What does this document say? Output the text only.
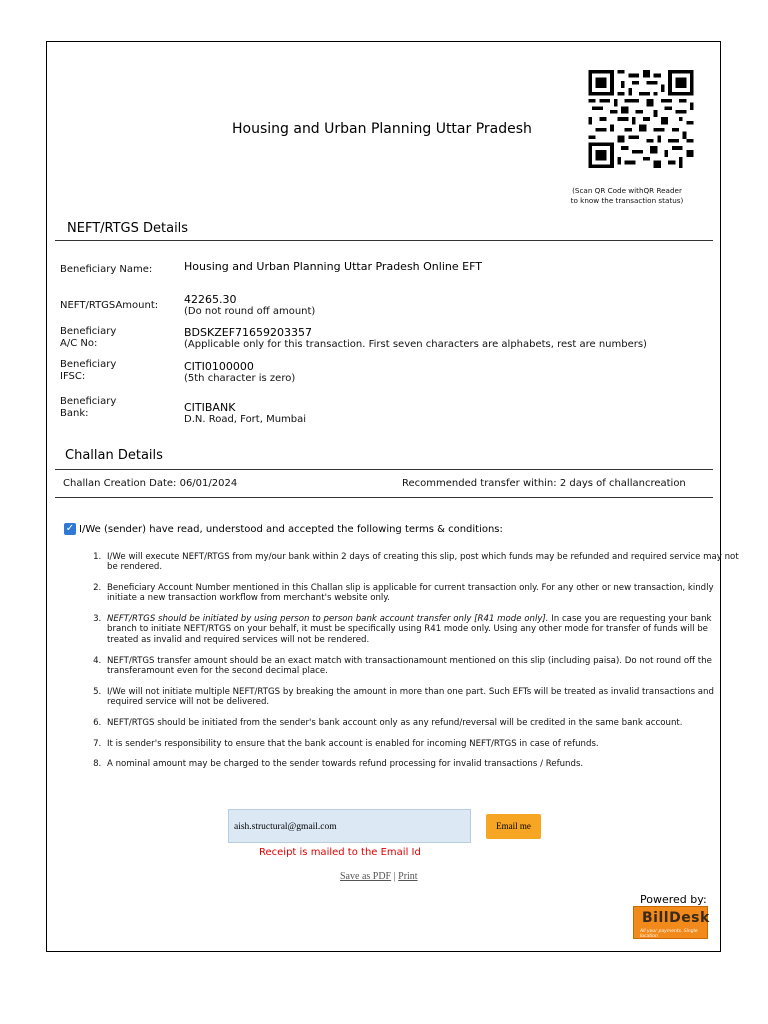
Housing and Urban Planning Uttar Pradesh
(Scan QR Code withQR Reader
to know the transaction status)
NEFT/RTGS Details
Beneficiary Name:	Housing and Urban Planning Uttar Pradesh Online EFT
NEFT/RTGSAmount: 42265.30
(Do not round off amount)
Beneficiary
A/C No:
BDSKZEF71659203357
(Applicable only for this transaction. First seven characters are alphabets, rest are numbers)
Beneficiary
IFSC:
CITI0100000
(5th character is zero)
Beneficiary
Bank:	CITIBANK
D.N. Road, Fort, Mumbai
Challan Details
Challan Creation Date: 06/01/2024	Recommended transfer within: 2 days of challancreation
✓ I/We (sender) have read, understood and accepted the following terms & conditions:
1. I/We will execute NEFT/RTGS from my/our bank within 2 days of creating this slip, post which funds may be refunded and required service may not be rendered.
2. Beneficiary Account Number mentioned in this Challan slip is applicable for current transaction only. For any other or new transaction, kindly initiate a new transaction workflow from merchant's website only.
3. NEFT/RTGS should be initiated by using person to person bank account transfer only [R41 mode only]. In case you are requesting your bank branch to initiate NEFT/RTGS on your behalf, it must be specifically using R41 mode only. Using any other mode for transfer of funds will be treated as invalid and required services will not be rendered.
4. NEFT/RTGS transfer amount should be an exact match with transactionamount mentioned on this slip (including paisa). Do not round off the transferamount even for the second decimal place.
5. I/We will not initiate multiple NEFT/RTGS by breaking the amount in more than one part. Such EFTs will be treated as invalid transactions and required service will not be delivered.
6. NEFT/RTGS should be initiated from the sender's bank account only as any refund/reversal will be credited in the same bank account.
7. It is sender's responsibility to ensure that the bank account is enabled for incoming NEFT/RTGS in case of refunds.
8. A nominal amount may be charged to the sender towards refund processing for invalid transactions / Refunds.
aish.structural@gmail.com	Email me
Receipt is mailed to the Email Id
Save as PDF | Print
Powered by:
BillDesk
All your payments. Single location
